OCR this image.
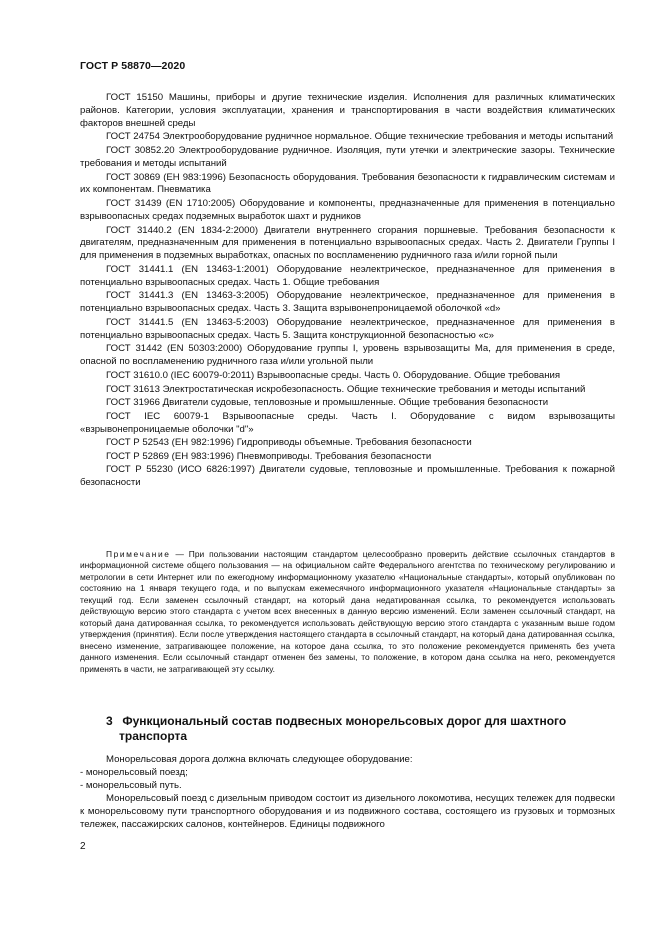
ГОСТ Р 58870—2020

ГОСТ 15150 Машины, приборы и другие технические изделия. Исполнения для различных климатических районов. Категории, условия эксплуатации, хранения и транспортирования в части воздействия климатических факторов внешней среды

ГОСТ 24754 Электрооборудование рудничное нормальное. Общие технические требования и методы испытаний

ГОСТ 30852.20 Электрооборудование рудничное. Изоляция, пути утечки и электрические зазоры. Технические требования и методы испытаний

ГОСТ 30869 (ЕН 983:1996) Безопасность оборудования. Требования безопасности к гидравлическим системам и их компонентам. Пневматика

ГОСТ 31439 (EN 1710:2005) Оборудование и компоненты, предназначенные для применения в потенциально взрывоопасных средах подземных выработок шахт и рудников

ГОСТ 31440.2 (EN 1834-2:2000) Двигатели внутреннего сгорания поршневые. Требования безопасности к двигателям, предназначенным для применения в потенциально взрывоопасных средах. Часть 2. Двигатели Группы I для применения в подземных выработках, опасных по воспламенению рудничного газа и/или горной пыли

ГОСТ 31441.1 (EN 13463-1:2001) Оборудование неэлектрическое, предназначенное для применения в потенциально взрывоопасных средах. Часть 1. Общие требования

ГОСТ 31441.3 (EN 13463-3:2005) Оборудование неэлектрическое, предназначенное для применения в потенциально взрывоопасных средах. Часть 3. Защита взрывонепроницаемой оболочкой «d»

ГОСТ 31441.5 (EN 13463-5:2003) Оборудование неэлектрическое, предназначенное для применения в потенциально взрывоопасных средах. Часть 5. Защита конструкционной безопасностью «с»

ГОСТ 31442 (EN 50303:2000) Оборудование группы I, уровень взрывозащиты Ма, для применения в среде, опасной по воспламенению рудничного газа и/или угольной пыли

ГОСТ 31610.0 (IEC 60079-0:2011) Взрывоопасные среды. Часть 0. Оборудование. Общие требования

ГОСТ 31613 Электростатическая искробезопасность. Общие технические требования и методы испытаний

ГОСТ 31966 Двигатели судовые, тепловозные и промышленные. Общие требования безопасности

ГОСТ IEC 60079-1 Взрывоопасные среды. Часть I. Оборудование с видом взрывозащиты «взрывонепроницаемые оболочки "d"»

ГОСТ Р 52543 (ЕН 982:1996) Гидроприводы объемные. Требования безопасности

ГОСТ Р 52869 (ЕН 983:1996) Пневмоприводы. Требования безопасности

ГОСТ Р 55230 (ИСО 6826:1997) Двигатели судовые, тепловозные и промышленные. Требования к пожарной безопасности

Примечание — При пользовании настоящим стандартом целесообразно проверить действие ссылочных стандартов в информационной системе общего пользования — на официальном сайте Федерального агентства по техническому регулированию и метрологии в сети Интернет или по ежегодному информационному указателю «Национальные стандарты», который опубликован по состоянию на 1 января текущего года, и по выпускам ежемесячного информационного указателя «Национальные стандарты» за текущий год. Если заменен ссылочный стандарт, на который дана недатированная ссылка, то рекомендуется использовать действующую версию этого стандарта с учетом всех внесенных в данную версию изменений. Если заменен ссылочный стандарт, на который дана датированная ссылка, то рекомендуется использовать действующую версию этого стандарта с указанным выше годом утверждения (принятия). Если после утверждения настоящего стандарта в ссылочный стандарт, на который дана датированная ссылка, внесено изменение, затрагивающее положение, на которое дана ссылка, то это положение рекомендуется применять без учета данного изменения. Если ссылочный стандарт отменен без замены, то положение, в котором дана ссылка на него, рекомендуется применять в части, не затрагивающей эту ссылку.
3 Функциональный состав подвесных монорельсовых дорог для шахтного
транспорта

Монорельсовая дорога должна включать следующее оборудование:

- монорельсовый поезд;

- монорельсовый путь.

Монорельсовый поезд с дизельным приводом состоит из дизельного локомотива, несущих тележек для подвески к монорельсовому пути транспортного оборудования и из подвижного состава, состоящего из грузовых и тормозных тележек, пассажирских салонов, контейнеров. Единицы подвижного

2
